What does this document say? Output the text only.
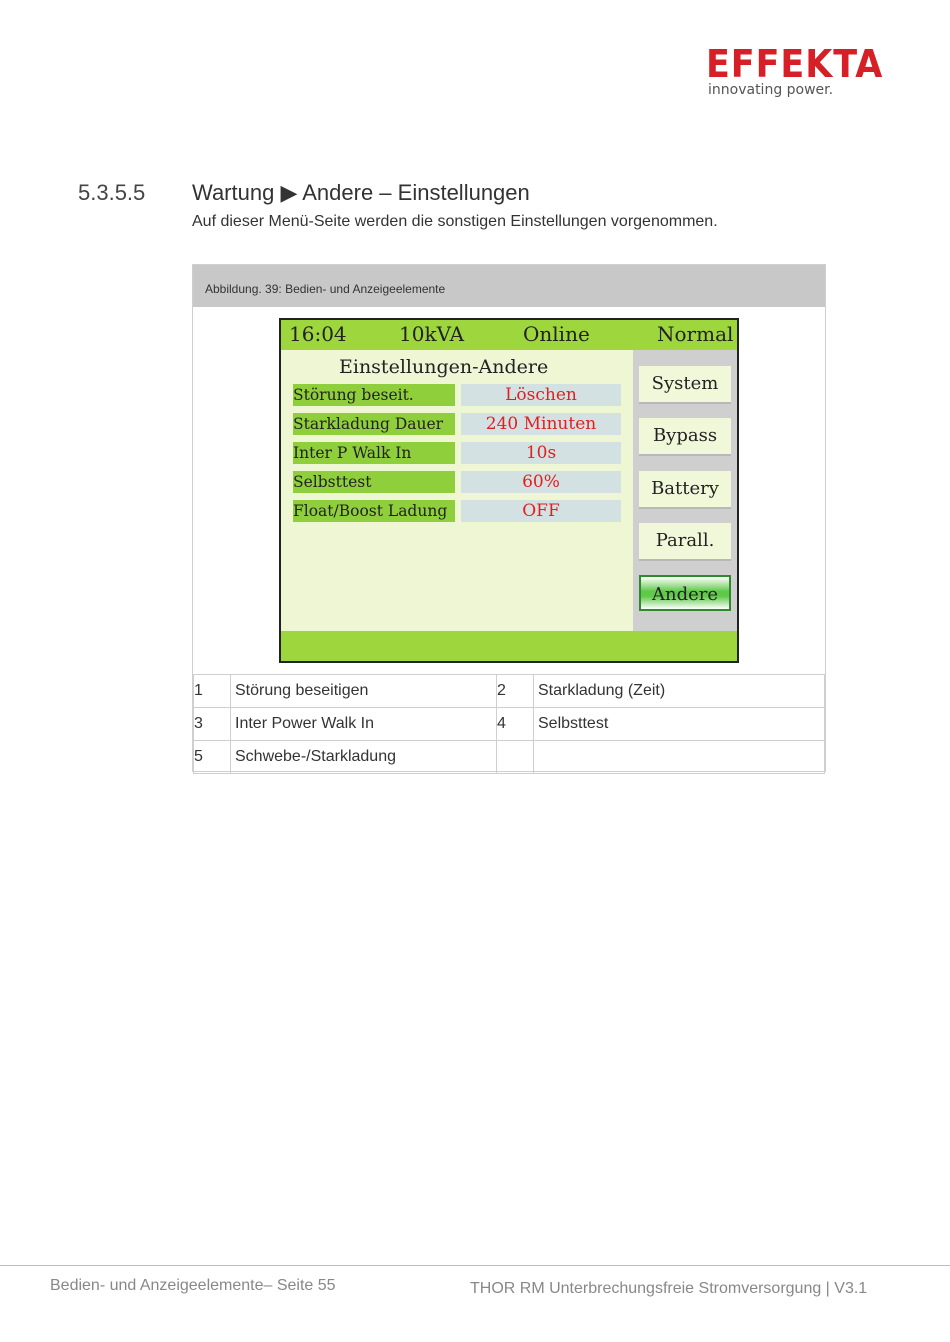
EFFEKTA
innovating power.
5.3.5.5 Wartung ▶ Andere – Einstellungen
Auf dieser Menü-Seite werden die sonstigen Einstellungen vorgenommen.
Abbildung. 39: Bedien- und Anzeigeelemente
16:04	10kVA	Online	Normal
Einstellungen-Andere
Störung beseit.	Löschen
Starkladung Dauer	240 Minuten
Inter P Walk In	10s
Selbsttest	60%
Float/Boost Ladung	OFF
System
Bypass
Battery
Parall.
Andere
1	Störung beseitigen	2	Starkladung (Zeit)
3	Inter Power Walk In	4	Selbsttest
5	Schwebe-/Starkladung		
Bedien- und Anzeigeelemente– Seite 55	THOR RM Unterbrechungsfreie Stromversorgung | V3.1
